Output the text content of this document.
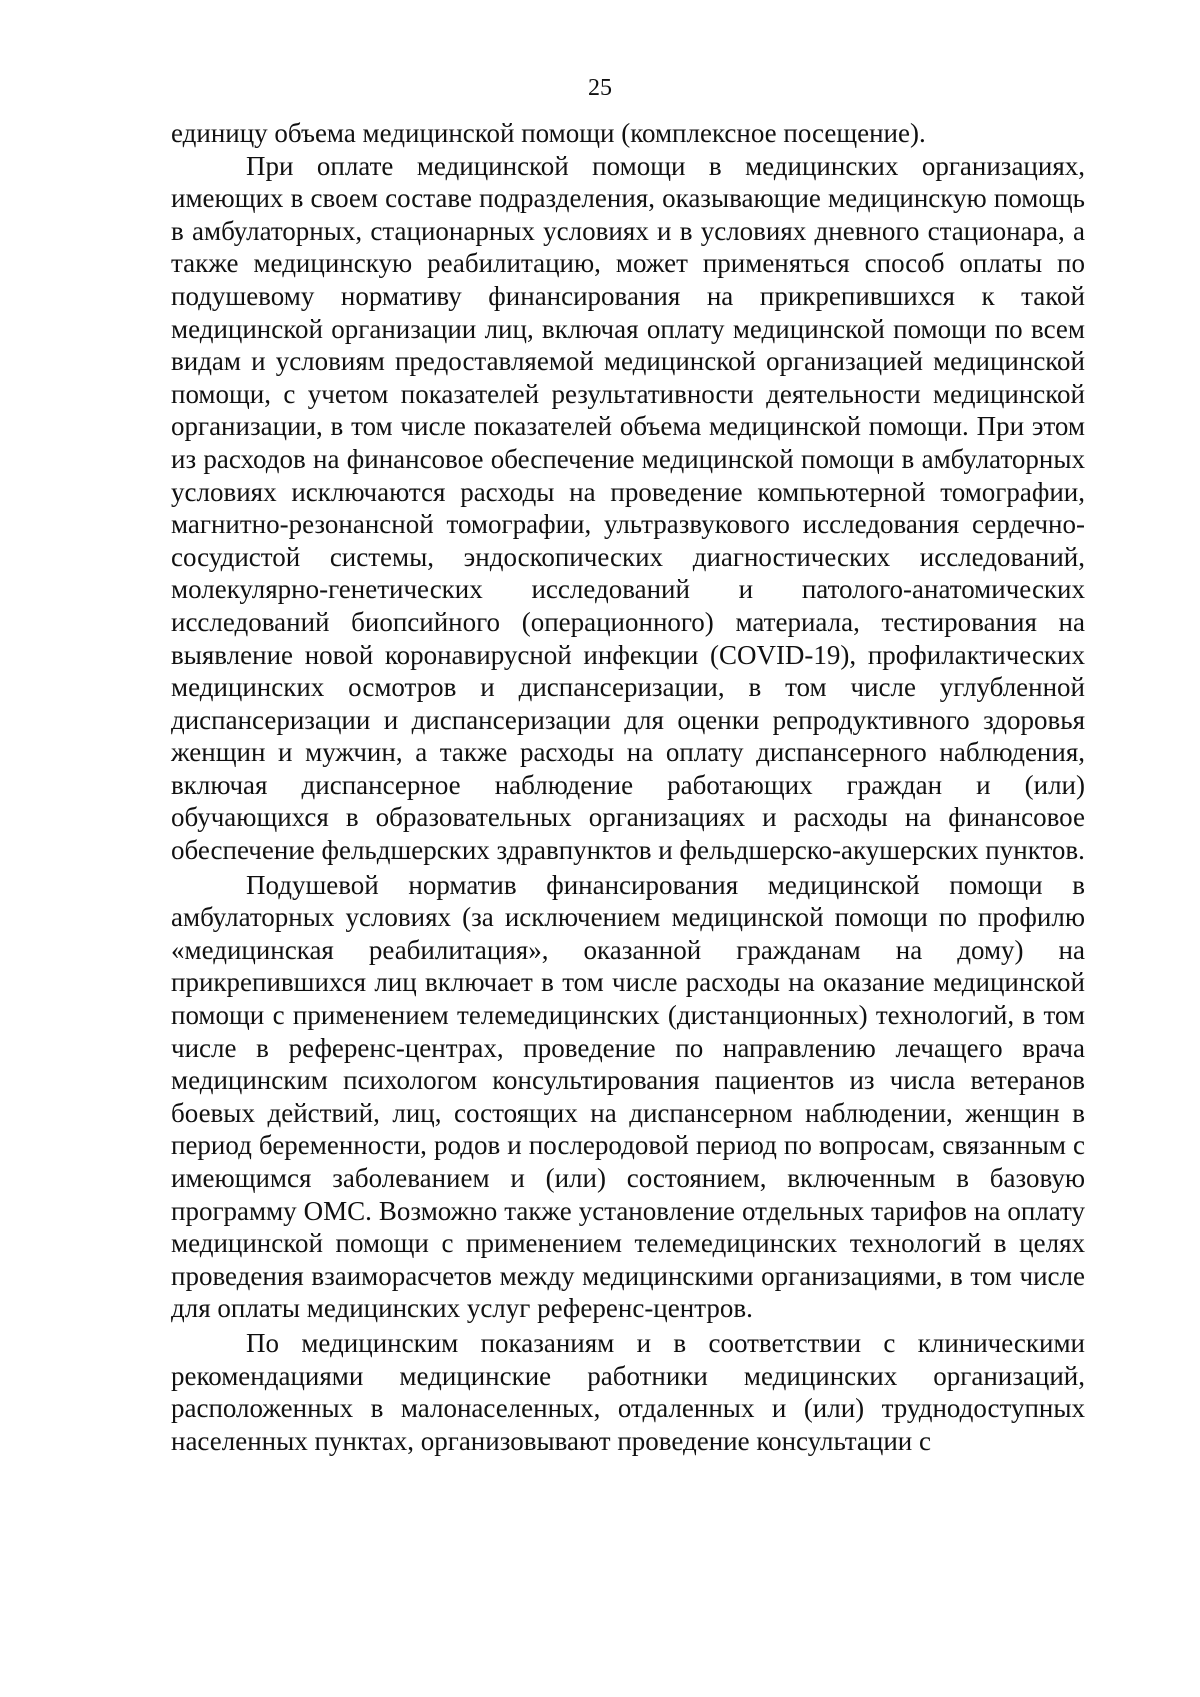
25

единицу объема медицинской помощи (комплексное посещение).

При оплате медицинской помощи в медицинских организациях, имеющих в своем составе подразделения, оказывающие медицинскую помощь в амбулаторных, стационарных условиях и в условиях дневного стационара, а также медицинскую реабилитацию, может применяться способ оплаты по подушевому нормативу финансирования на прикрепившихся к такой медицинской организации лиц, включая оплату медицинской помощи по всем видам и условиям предоставляемой медицинской организацией медицинской помощи, с учетом показателей результативности деятельности медицинской организации, в том числе показателей объема медицинской помощи. При этом из расходов на финансовое обеспечение медицинской помощи в амбулаторных условиях исключаются расходы на проведение компьютерной томографии, магнитно-резонансной томографии, ультразвукового исследования сердечно-сосудистой системы, эндоскопических диагностических исследований, молекулярно-генетических исследований и патолого-анатомических исследований биопсийного (операционного) материала, тестирования на выявление новой коронавирусной инфекции (COVID-19), профилактических медицинских осмотров и диспансеризации, в том числе углубленной диспансеризации и диспансеризации для оценки репродуктивного здоровья женщин и мужчин, а также расходы на оплату диспансерного наблюдения, включая диспансерное наблюдение работающих граждан и (или) обучающихся в образовательных организациях и расходы на финансовое обеспечение фельдшерских здравпунктов и фельдшерско-акушерских пунктов.

Подушевой норматив финансирования медицинской помощи в амбулаторных условиях (за исключением медицинской помощи по профилю «медицинская реабилитация», оказанной гражданам на дому) на прикрепившихся лиц включает в том числе расходы на оказание медицинской помощи с применением телемедицинских (дистанционных) технологий, в том числе в референс-центрах, проведение по направлению лечащего врача медицинским психологом консультирования пациентов из числа ветеранов боевых действий, лиц, состоящих на диспансерном наблюдении, женщин в период беременности, родов и послеродовой период по вопросам, связанным с имеющимся заболеванием и (или) состоянием, включенным в базовую программу ОМС. Возможно также установление отдельных тарифов на оплату медицинской помощи с применением телемедицинских технологий в целях проведения взаиморасчетов между медицинскими организациями, в том числе для оплаты медицинских услуг референс-центров.

По медицинским показаниям и в соответствии с клиническими рекомендациями медицинские работники медицинских организаций, расположенных в малонаселенных, отдаленных и (или) труднодоступных населенных пунктах, организовывают проведение консультации с
